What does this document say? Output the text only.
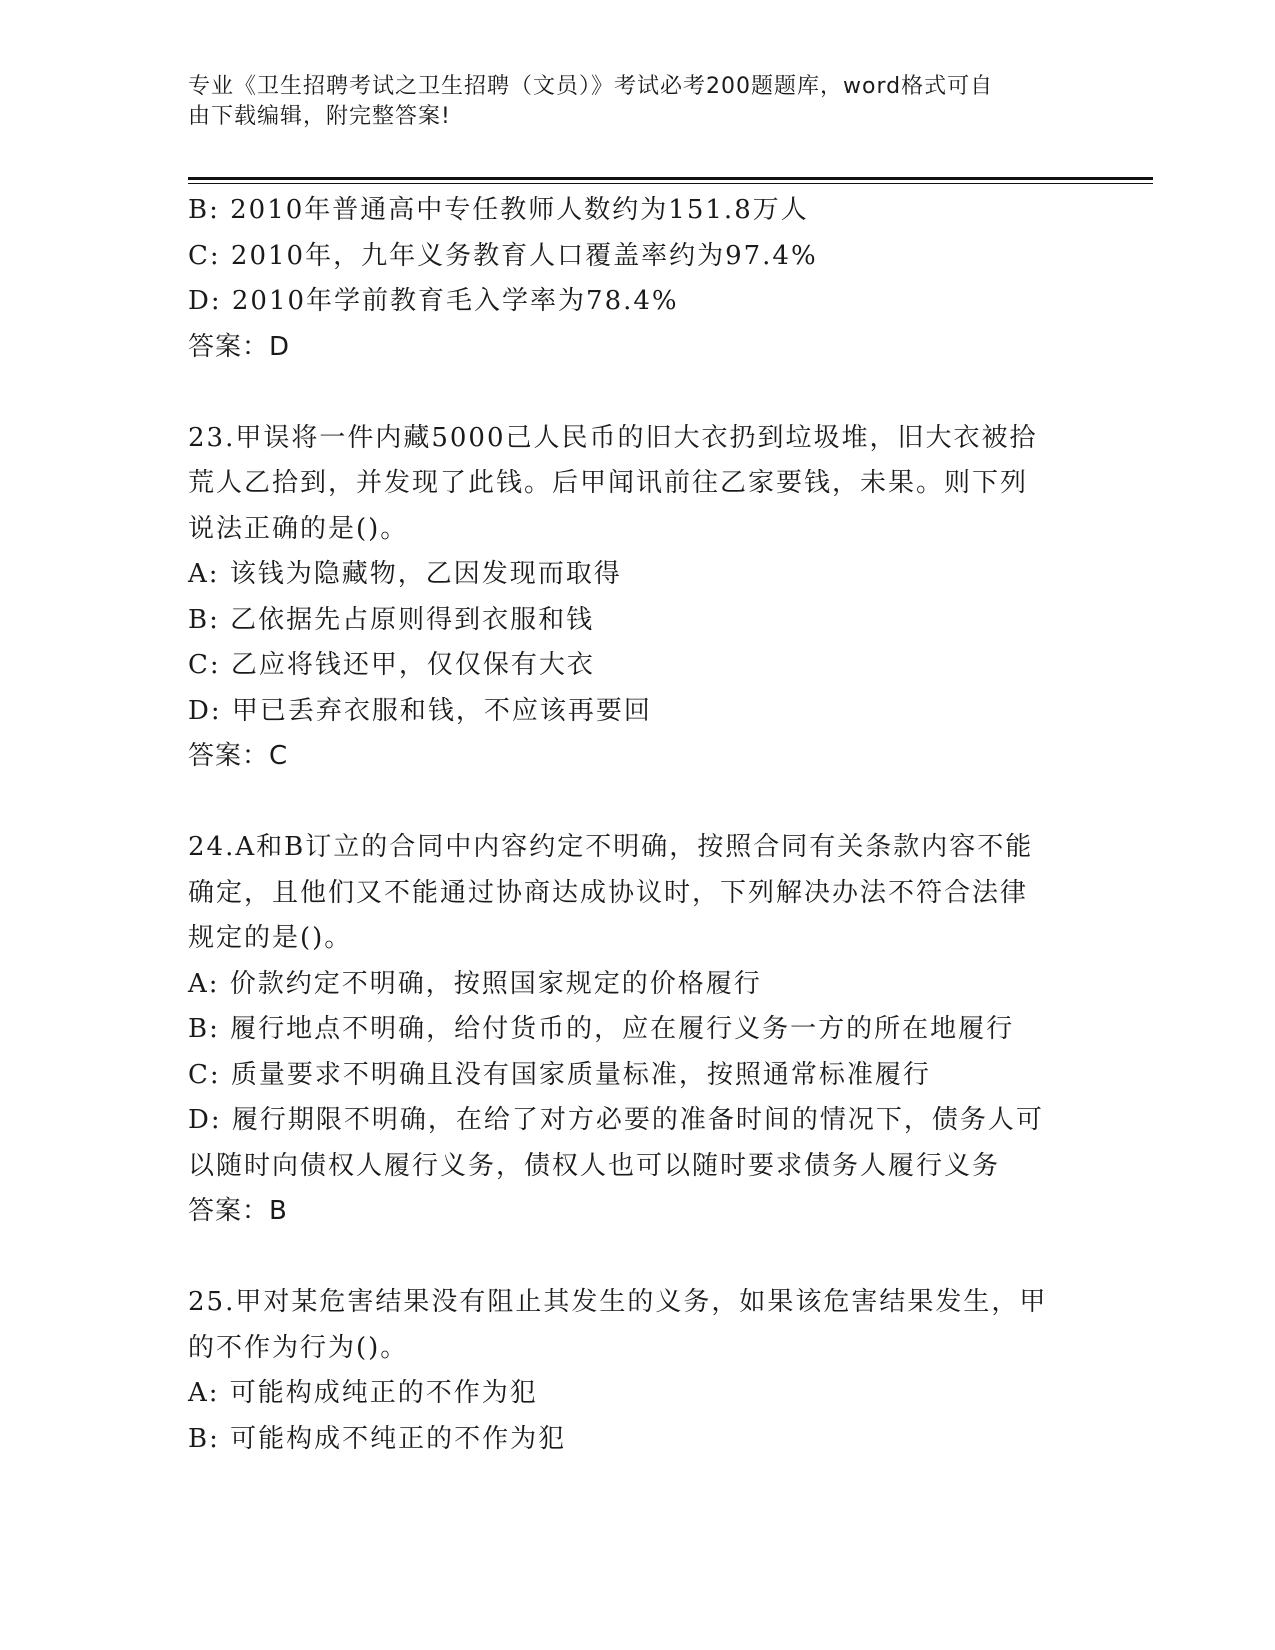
专业《卫生招聘考试之卫生招聘（文员）》考试必考200题题库，word格式可自
由下载编辑，附完整答案!
B: 2010年普通高中专任教师人数约为151.8万人
C: 2010年，九年义务教育人口覆盖率约为97.4%
D: 2010年学前教育毛入学率为78.4%
答案：D
23.甲误将一件内藏5000己人民币的旧大衣扔到垃圾堆，旧大衣被拾
荒人乙拾到，并发现了此钱。后甲闻讯前往乙家要钱，未果。则下列
说法正确的是()。
A: 该钱为隐藏物，乙因发现而取得
B: 乙依据先占原则得到衣服和钱
C: 乙应将钱还甲，仅仅保有大衣
D: 甲已丢弃衣服和钱，不应该再要回
答案：C
24.A和B订立的合同中内容约定不明确，按照合同有关条款内容不能
确定，且他们又不能通过协商达成协议时，下列解决办法不符合法律
规定的是()。
A: 价款约定不明确，按照国家规定的价格履行
B: 履行地点不明确，给付货币的，应在履行义务一方的所在地履行
C: 质量要求不明确且没有国家质量标准，按照通常标准履行
D: 履行期限不明确，在给了对方必要的准备时间的情况下，债务人可
以随时向债权人履行义务，债权人也可以随时要求债务人履行义务
答案：B
25.甲对某危害结果没有阻止其发生的义务，如果该危害结果发生，甲
的不作为行为()。
A: 可能构成纯正的不作为犯
B: 可能构成不纯正的不作为犯
